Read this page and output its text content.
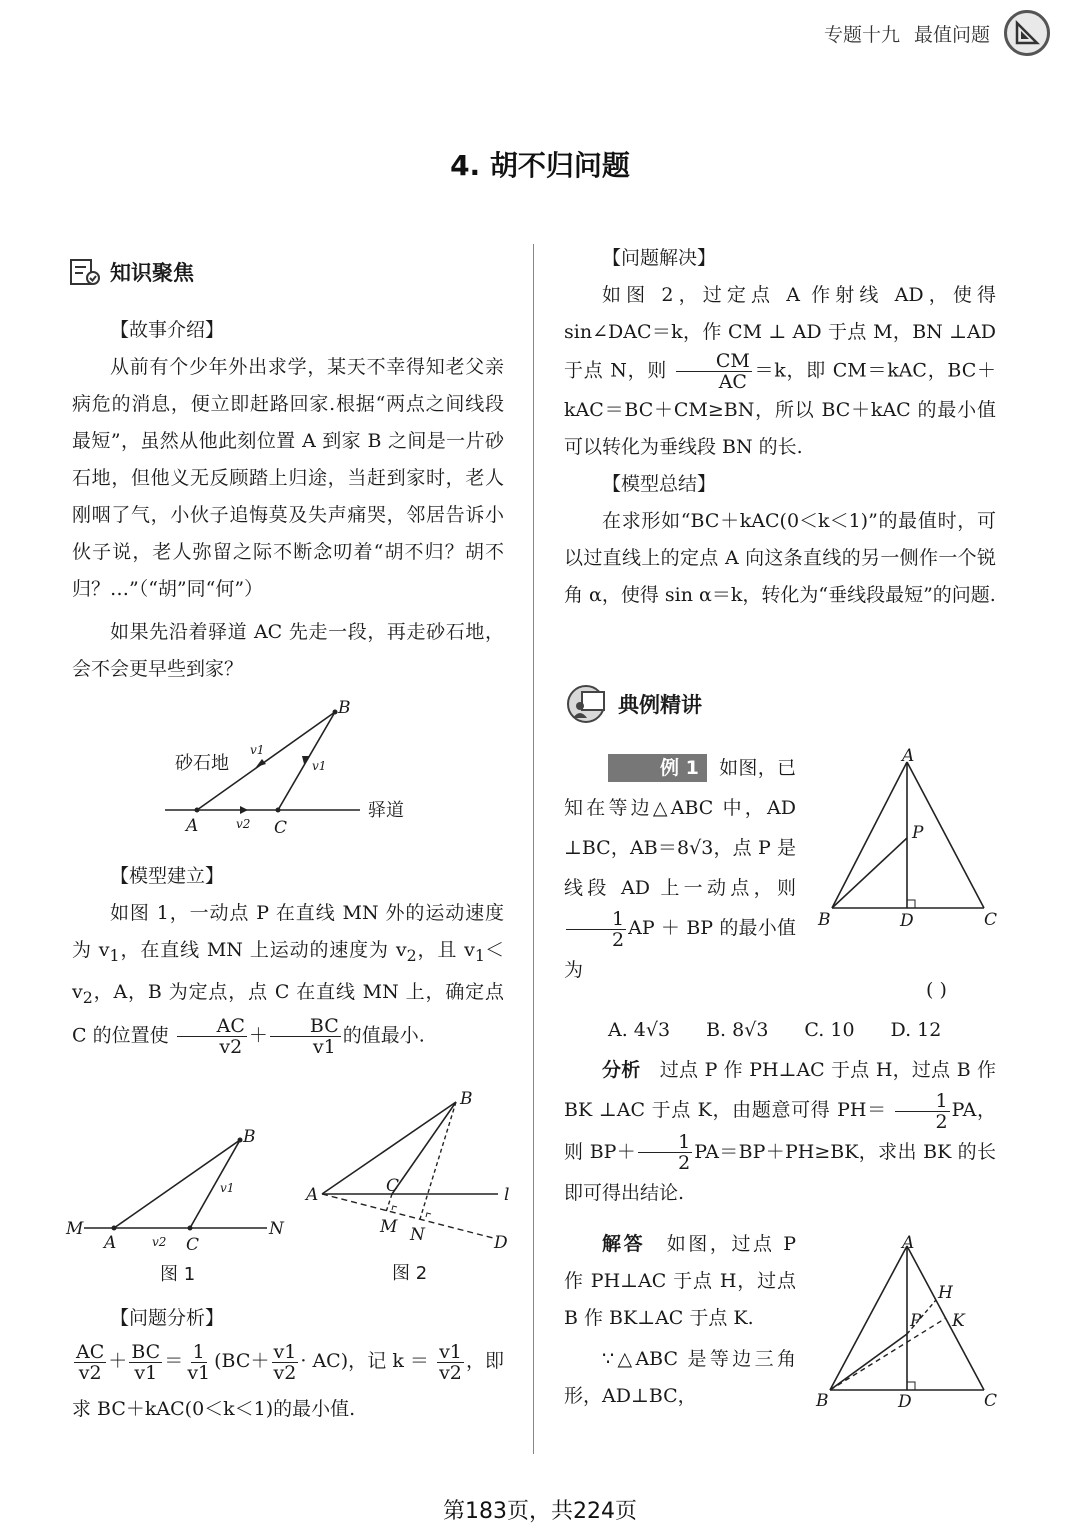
专题十九 最值问题
4. 胡不归问题
知识聚焦

【故事介绍】

从前有个少年外出求学，某天不幸得知老父亲病危的消息，便立即赶路回家.根据“两点之间线段最短”，虽然从他此刻位置 A 到家 B 之间是一片砂石地，但他义无反顾踏上归途，当赶到家时，老人刚咽了气，小伙子追悔莫及失声痛哭，邻居告诉小伙子说，老人弥留之际不断念叨着“胡不归？胡不归？…”（“胡”同“何”）

如果先沿着驿道 AC 先走一段，再走砂石地，会不会更早些到家？

砂石地
驿道
A	C
B
v1
v1
v2

【模型建立】

如图 1，一动点 P 在直线 MN 外的运动速度为 $v_1$，在直线 MN 上运动的速度为 $v_2$，且 $v_1<v_2$，A，B 为定点，点 C 在直线 MN 上，确定点 C 的位置使 $\frac{AC}{v2} + \frac{BC}{v1}$ 的值最小.

M	N
A	C
B
v1
v2
图 1
A	l
B
C
M N	D
图 2

【问题分析】

$\frac{AC}{v2} + \frac{BC}{v1} = \frac{1}{v1} (BC+ \frac{v1}{v2} \cdot AC)$，记 $k = \frac{v1}{v2}$ ，即求 BC＋kAC(0＜k＜1)的最小值.

【问题解决】

如图 2，过定点 A 作射线 AD，使得 sin∠DAC＝k，作 CM ⊥ AD 于点 M，BN ⊥AD 于点 N，则 $\frac{CM}{AC} =k$，即 CM＝kAC，BC＋kAC＝BC＋CM≥BN，所以 BC＋kAC 的最小值可以转化为垂线段 BN 的长.

【模型总结】

在求形如“BC＋kAC(0＜k＜1)”的最值时，可以过直线上的定点 A 向这条直线的另一侧作一个锐角 α，使得 sin α＝k，转化为“垂线段最短”的问题.

典例精讲

例 1 如图，已知在等边△ABC 中，AD ⊥BC，AB＝8√3，点 P 是线段 AD 上一动点，则
$\frac{1}{2}$ AP ＋ BP 的最小值为

( )
A
B	C
D
P
A. 4√3 B. 8√3 C. 10 D. 12

分析　 过点 P 作 PH⊥AC 于点 H，过点 B 作 BK ⊥AC 于点 K，由题意可得 $PH= \frac{1}{2}$ PA，则 $BP+ \frac{1}{2} PA=BP+PH\ge BK$，求出 BK 的长即可得出结论.

解答　 如图，过点 P 作 PH⊥AC 于点 H，过点 B 作 BK⊥AC 于点 K.

∵△ABC 是等边三角形，AD⊥BC，

A
B	C
D
P
H
K
第183页，共224页
